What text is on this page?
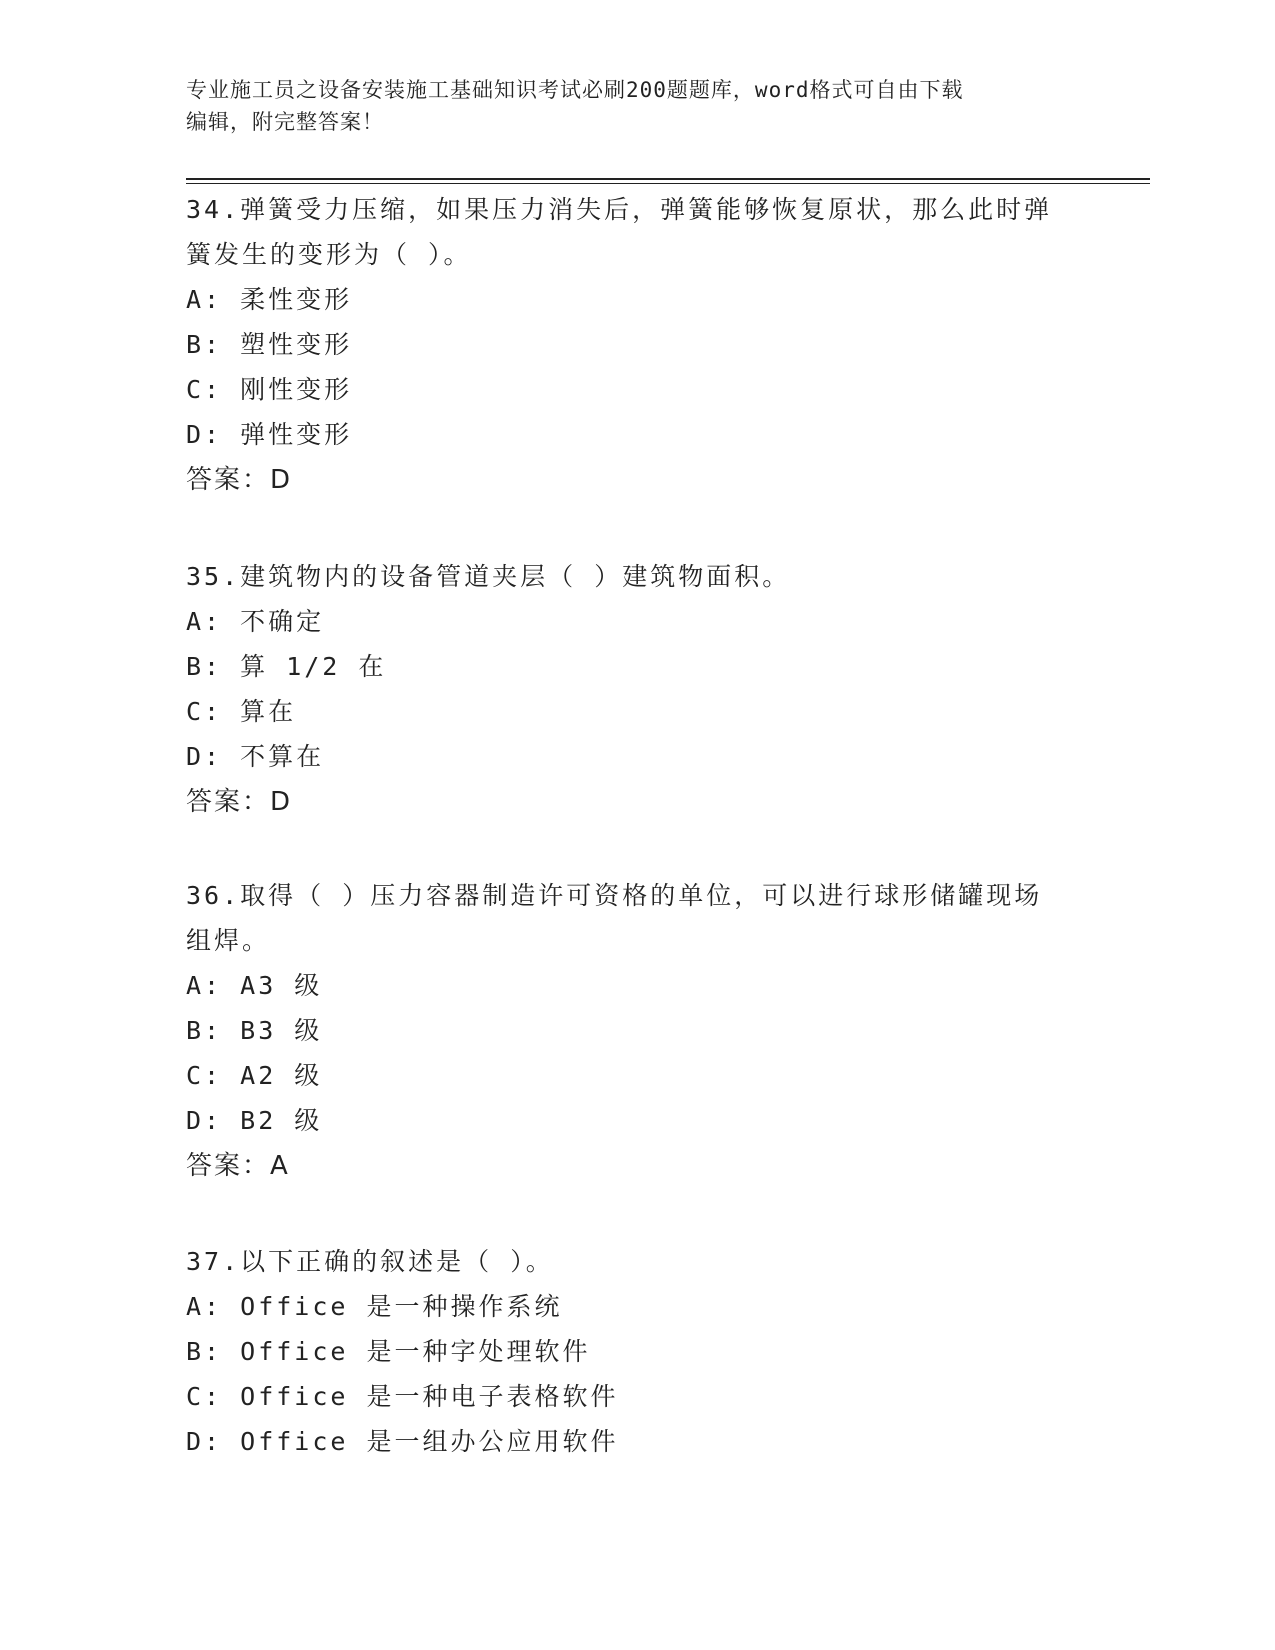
专业施工员之设备安装施工基础知识考试必刷200题题库，word格式可自由下载
编辑，附完整答案！
34.弹簧受力压缩，如果压力消失后，弹簧能够恢复原状，那么此时弹
簧发生的变形为（ ）。
A: 柔性变形
B: 塑性变形
C: 刚性变形
D: 弹性变形
答案：D
35.建筑物内的设备管道夹层（ ）建筑物面积。
A: 不确定
B: 算 1/2 在
C: 算在
D: 不算在
答案：D
36.取得（ ）压力容器制造许可资格的单位，可以进行球形储罐现场
组焊。
A: A3 级
B: B3 级
C: A2 级
D: B2 级
答案：A
37.以下正确的叙述是（ ）。
A: Office 是一种操作系统
B: Office 是一种字处理软件
C: Office 是一种电子表格软件
D: Office 是一组办公应用软件
